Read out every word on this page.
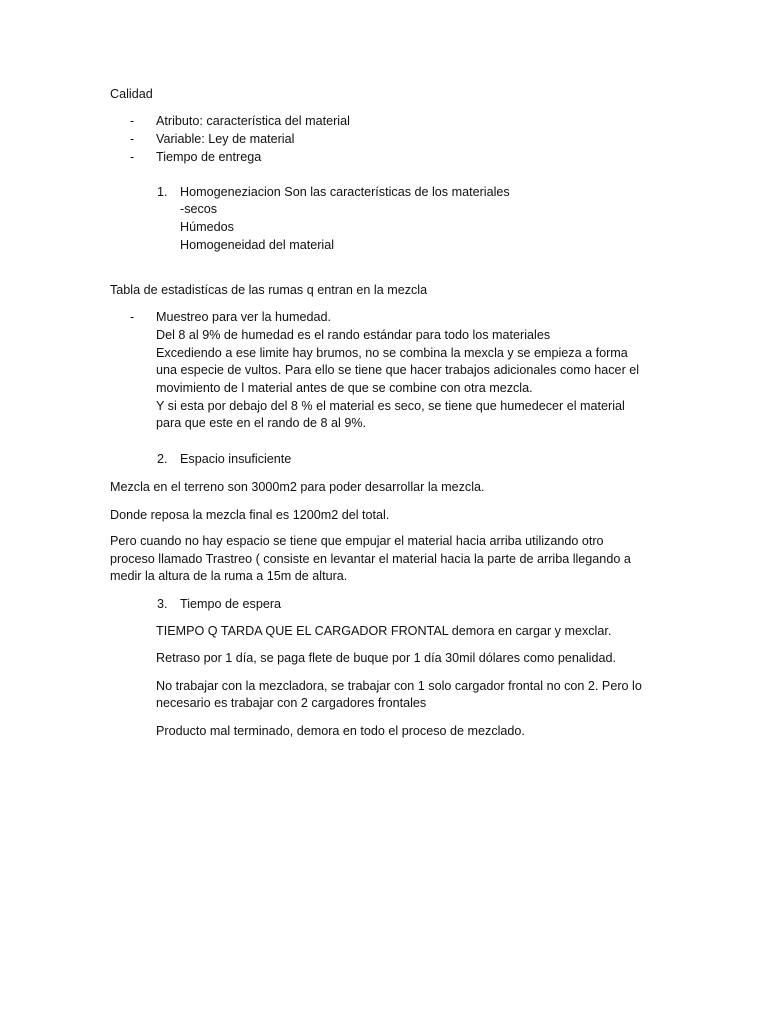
Calidad
- Atributo: característica del material
- Variable: Ley de material
- Tiempo de entrega
1. Homogeneziacion Son las características de los materiales
-secos
Húmedos
Homogeneidad del material
Tabla de estadistícas de las rumas q entran en la mezcla
- Muestreo para ver la humedad.
Del 8 al 9% de humedad es el rando estándar para todo los materiales
Excediendo a ese limite hay brumos, no se combina la mexcla y se empieza a forma
una especie de vultos. Para ello se tiene que hacer trabajos adicionales como hacer el
movimiento de l material antes de que se combine con otra mezcla.
Y si esta por debajo del 8 % el material es seco, se tiene que humedecer el material
para que este en el rando de 8 al 9%.
2. Espacio insuficiente
Mezcla en el terreno son 3000m2 para poder desarrollar la mezcla.
Donde reposa la mezcla final es 1200m2 del total.
Pero cuando no hay espacio se tiene que empujar el material hacia arriba utilizando otro
proceso llamado Trastreo ( consiste en levantar el material hacia la parte de arriba llegando a
medir la altura de la ruma a 15m de altura.
3. Tiempo de espera
TIEMPO Q TARDA QUE EL CARGADOR FRONTAL demora en cargar y mexclar.
Retraso por 1 día, se paga flete de buque por 1 día 30mil dólares como penalidad.
No trabajar con la mezcladora, se trabajar con 1 solo cargador frontal no con 2. Pero lo
necesario es trabajar con 2 cargadores frontales
Producto mal terminado, demora en todo el proceso de mezclado.
